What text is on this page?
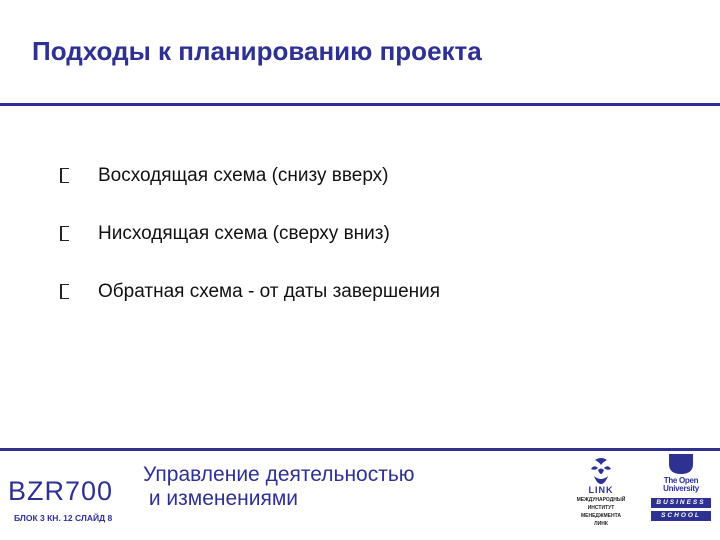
Подходы к планированию проекта
Восходящая схема (снизу вверх)
Нисходящая схема (сверху вниз)
Обратная схема - от даты завершения
BZR700
Управление деятельностью
и изменениями
БЛОК 3 КН. 12 СЛАЙД 8
LINK
МЕЖДУНАРОДНЫЙ
ИНСТИТУТ
МЕНЕДЖМЕНТА
ЛИНК
The Open
University
BUSINESS
SCHOOL
